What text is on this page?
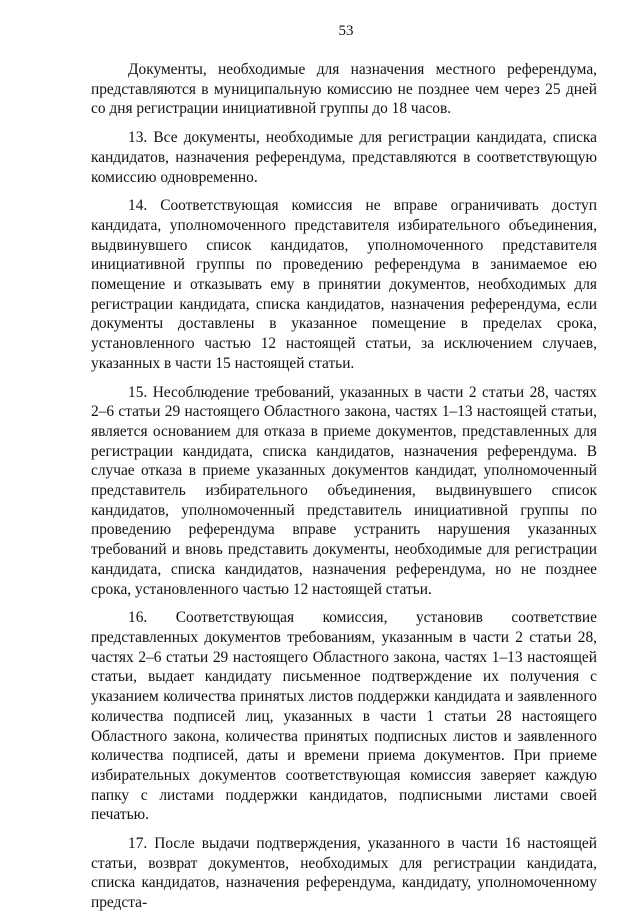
53

Документы, необходимые для назначения местного референдума, представляются в муниципальную комиссию не позднее чем через 25 дней со дня регистрации инициативной группы до 18 часов.

13. Все документы, необходимые для регистрации кандидата, списка кандидатов, назначения референдума, представляются в соответствующую комиссию одновременно.

14. Соответствующая комиссия не вправе ограничивать доступ кандидата, уполномоченного представителя избирательного объединения, выдвинувшего список кандидатов, уполномоченного представителя инициативной группы по проведению референдума в занимаемое ею помещение и отказывать ему в принятии документов, необходимых для регистрации кандидата, списка кандидатов, назначения референдума, если документы доставлены в указанное помещение в пределах срока, установленного частью 12 настоящей статьи, за исключением случаев, указанных в части 15 настоящей статьи.

15. Несоблюдение требований, указанных в части 2 статьи 28, частях 2–6 статьи 29 настоящего Областного закона, частях 1–13 настоящей статьи, является основанием для отказа в приеме документов, представленных для регистрации кандидата, списка кандидатов, назначения референдума. В случае отказа в приеме указанных документов кандидат, уполномоченный представитель избирательного объединения, выдвинувшего список кандидатов, уполномоченный представитель инициативной группы по проведению референдума вправе устранить нарушения указанных требований и вновь представить документы, необходимые для регистрации кандидата, списка кандидатов, назначения референдума, но не позднее срока, установленного частью 12 настоящей статьи.

16. Соответствующая комиссия, установив соответствие представленных документов требованиям, указанным в части 2 статьи 28, частях 2–6 статьи 29 настоящего Областного закона, частях 1–13 настоящей статьи, выдает кандидату письменное подтверждение их получения с указанием количества принятых листов поддержки кандидата и заявленного количества подписей лиц, указанных в части 1 статьи 28 настоящего Областного закона, количества принятых подписных листов и заявленного количества подписей, даты и времени приема документов. При приеме избирательных документов соответствующая комиссия заверяет каждую папку с листами поддержки кандидатов, подписными листами своей печатью.

17. После выдачи подтверждения, указанного в части 16 настоящей статьи, возврат документов, необходимых для регистрации кандидата, списка кандидатов, назначения референдума, кандидату, уполномоченному предста-
